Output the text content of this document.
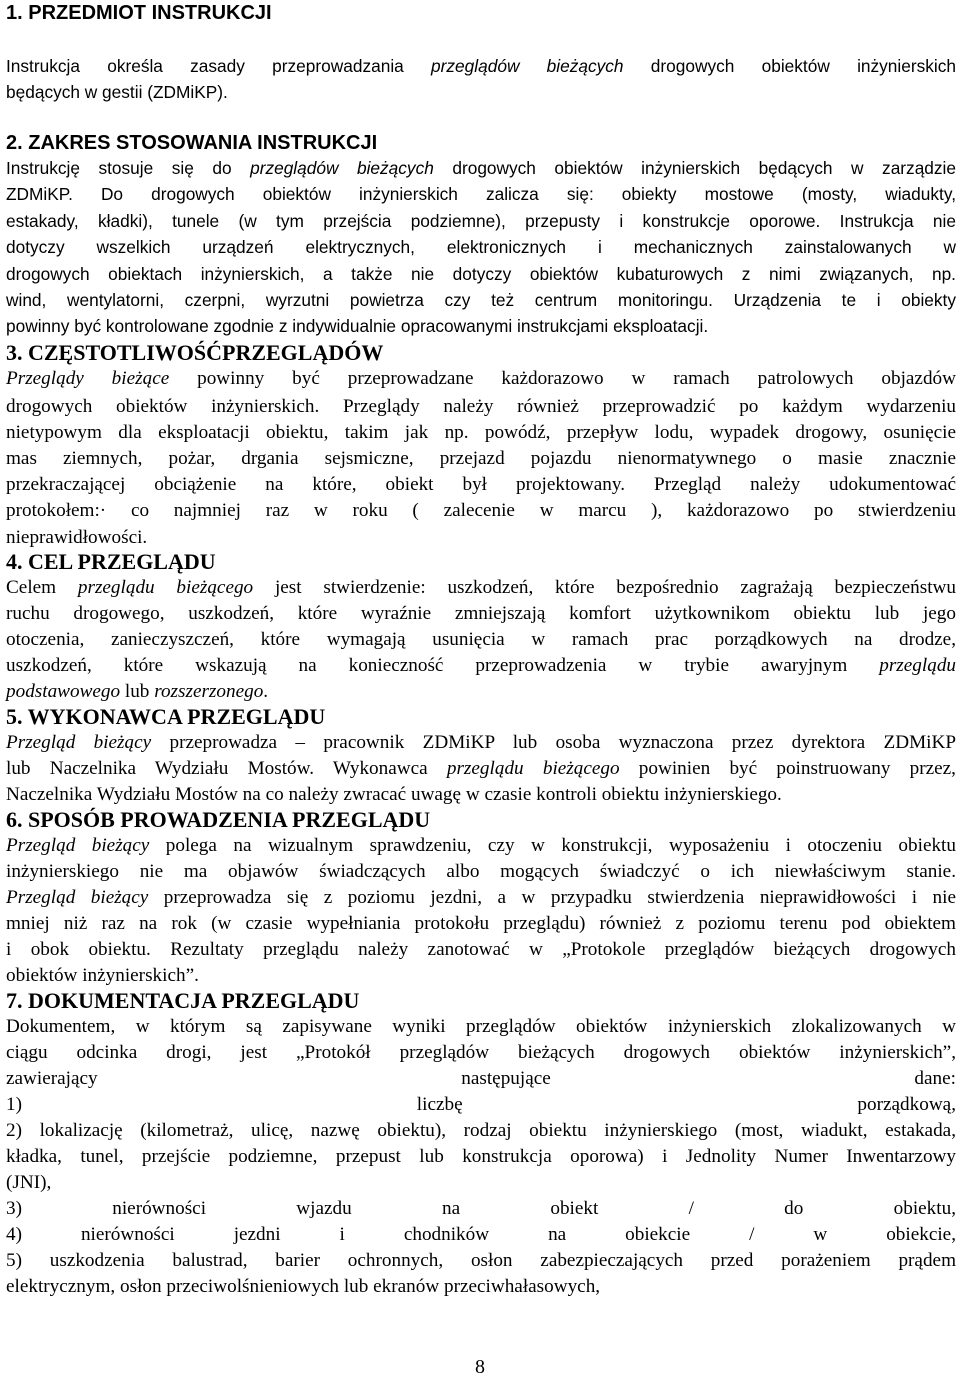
1. PRZEDMIOT INSTRUKCJI
Instrukcja określa zasady przeprowadzania przeglądów bieżących drogowych obiektów inżynierskich
będących w gestii (ZDMiKP).
2. ZAKRES STOSOWANIA INSTRUKCJI
Instrukcję stosuje się do przeglądów bieżących drogowych obiektów inżynierskich będących w zarządzie
ZDMiKP. Do drogowych obiektów inżynierskich zalicza się: obiekty mostowe (mosty, wiadukty,
estakady, kładki), tunele (w tym przejścia podziemne), przepusty i konstrukcje oporowe. Instrukcja nie
dotyczy wszelkich urządzeń elektrycznych, elektronicznych i mechanicznych zainstalowanych w
drogowych obiektach inżynierskich, a także nie dotyczy obiektów kubaturowych z nimi związanych, np.
wind, wentylatorni, czerpni, wyrzutni powietrza czy też centrum monitoringu. Urządzenia te i obiekty
powinny być kontrolowane zgodnie z indywidualnie opracowanymi instrukcjami eksploatacji.
3. CZĘSTOTLIWOŚĆPRZEGLĄDÓW
Przeglądy bieżące powinny być przeprowadzane każdorazowo w ramach patrolowych objazdów
drogowych obiektów inżynierskich. Przeglądy należy również przeprowadzić po każdym wydarzeniu
nietypowym dla eksploatacji obiektu, takim jak np. powódź, przepływ lodu, wypadek drogowy, osunięcie
mas ziemnych, pożar, drgania sejsmiczne, przejazd pojazdu nienormatywnego o masie znacznie
przekraczającej obciążenie na które, obiekt był projektowany. Przegląd należy udokumentować
protokołem:· co najmniej raz w roku ( zalecenie w marcu ), każdorazowo po stwierdzeniu
nieprawidłowości.
4. CEL PRZEGLĄDU
Celem przeglądu bieżącego jest stwierdzenie: uszkodzeń, które bezpośrednio zagrażają bezpieczeństwu
ruchu drogowego, uszkodzeń, które wyraźnie zmniejszają komfort użytkownikom obiektu lub jego
otoczenia, zanieczyszczeń, które wymagają usunięcia w ramach prac porządkowych na drodze,
uszkodzeń, które wskazują na konieczność przeprowadzenia w trybie awaryjnym przeglądu
podstawowego lub rozszerzonego.
5. WYKONAWCA PRZEGLĄDU
Przegląd bieżący przeprowadza – pracownik ZDMiKP lub osoba wyznaczona przez dyrektora ZDMiKP
lub Naczelnika Wydziału Mostów. Wykonawca przeglądu bieżącego powinien być poinstruowany przez,
Naczelnika Wydziału Mostów na co należy zwracać uwagę w czasie kontroli obiektu inżynierskiego.
6. SPOSÓB PROWADZENIA PRZEGLĄDU
Przegląd bieżący polega na wizualnym sprawdzeniu, czy w konstrukcji, wyposażeniu i otoczeniu obiektu
inżynierskiego nie ma objawów świadczących albo mogących świadczyć o ich niewłaściwym stanie.
Przegląd bieżący przeprowadza się z poziomu jezdni, a w przypadku stwierdzenia nieprawidłowości i nie
mniej niż raz na rok (w czasie wypełniania protokołu przeglądu) również z poziomu terenu pod obiektem
i obok obiektu. Rezultaty przeglądu należy zanotować w „Protokole przeglądów bieżących drogowych
obiektów inżynierskich”.
7. DOKUMENTACJA PRZEGLĄDU
Dokumentem, w którym są zapisywane wyniki przeglądów obiektów inżynierskich zlokalizowanych w
ciągu odcinka drogi, jest „Protokół przeglądów bieżących drogowych obiektów inżynierskich”,
zawierający następujące dane:
1) liczbę porządkową,
2) lokalizację (kilometraż, ulicę, nazwę obiektu), rodzaj obiektu inżynierskiego (most, wiadukt, estakada,
kładka, tunel, przejście podziemne, przepust lub konstrukcja oporowa) i Jednolity Numer Inwentarzowy
(JNI),
3) nierówności wjazdu na obiekt / do obiektu,
4) nierówności jezdni i chodników na obiekcie / w obiekcie,
5) uszkodzenia balustrad, barier ochronnych, osłon zabezpieczających przed porażeniem prądem
elektrycznym, osłon przeciwolśnieniowych lub ekranów przeciwhałasowych,
8
